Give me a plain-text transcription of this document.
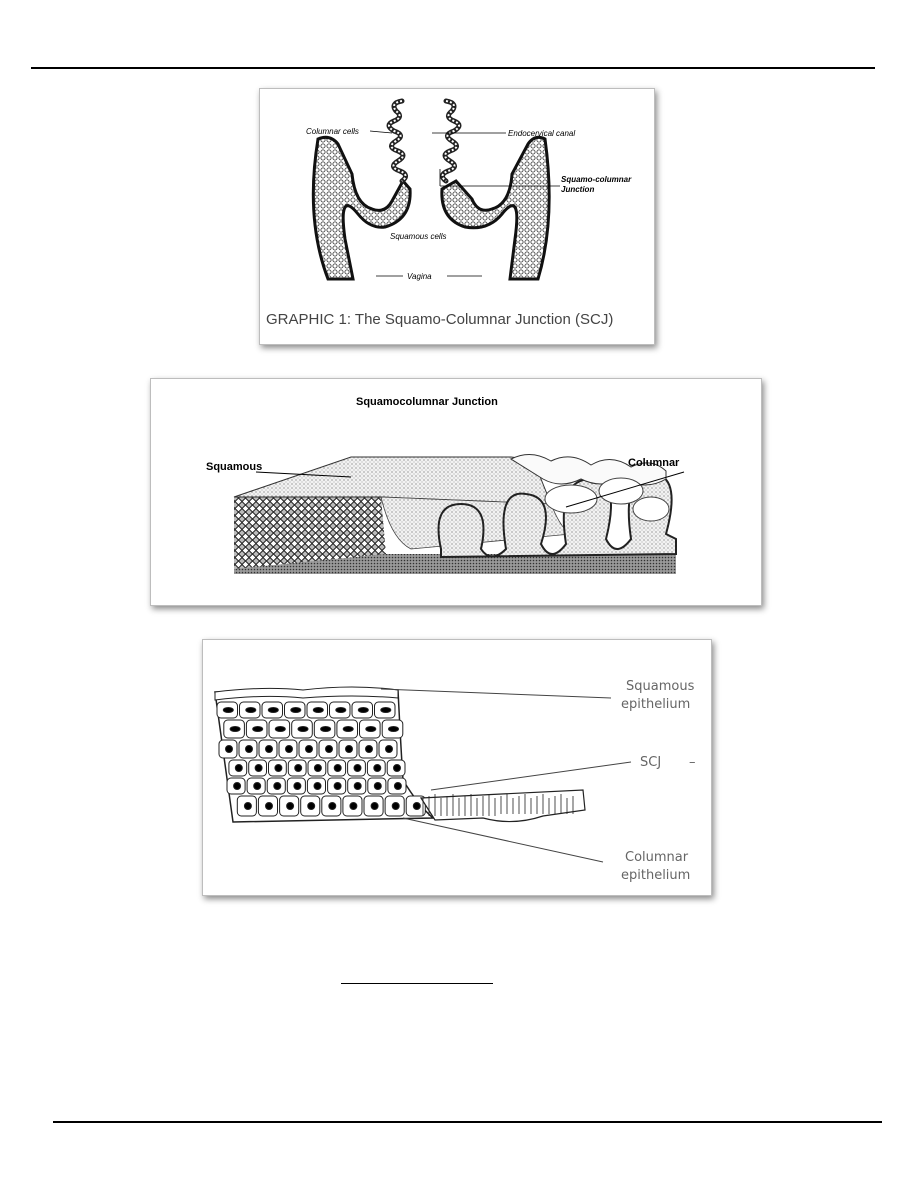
Columnar cells	Endocervical canal
Squamo-columnar
Junction
Squamous cells
Vagina
GRAPHIC 1: The Squamo-Columnar Junction (SCJ)
Squamocolumnar Junction
Squamous	Columnar
Squamous
epithelium
SCJ –
Columnar
epithelium
